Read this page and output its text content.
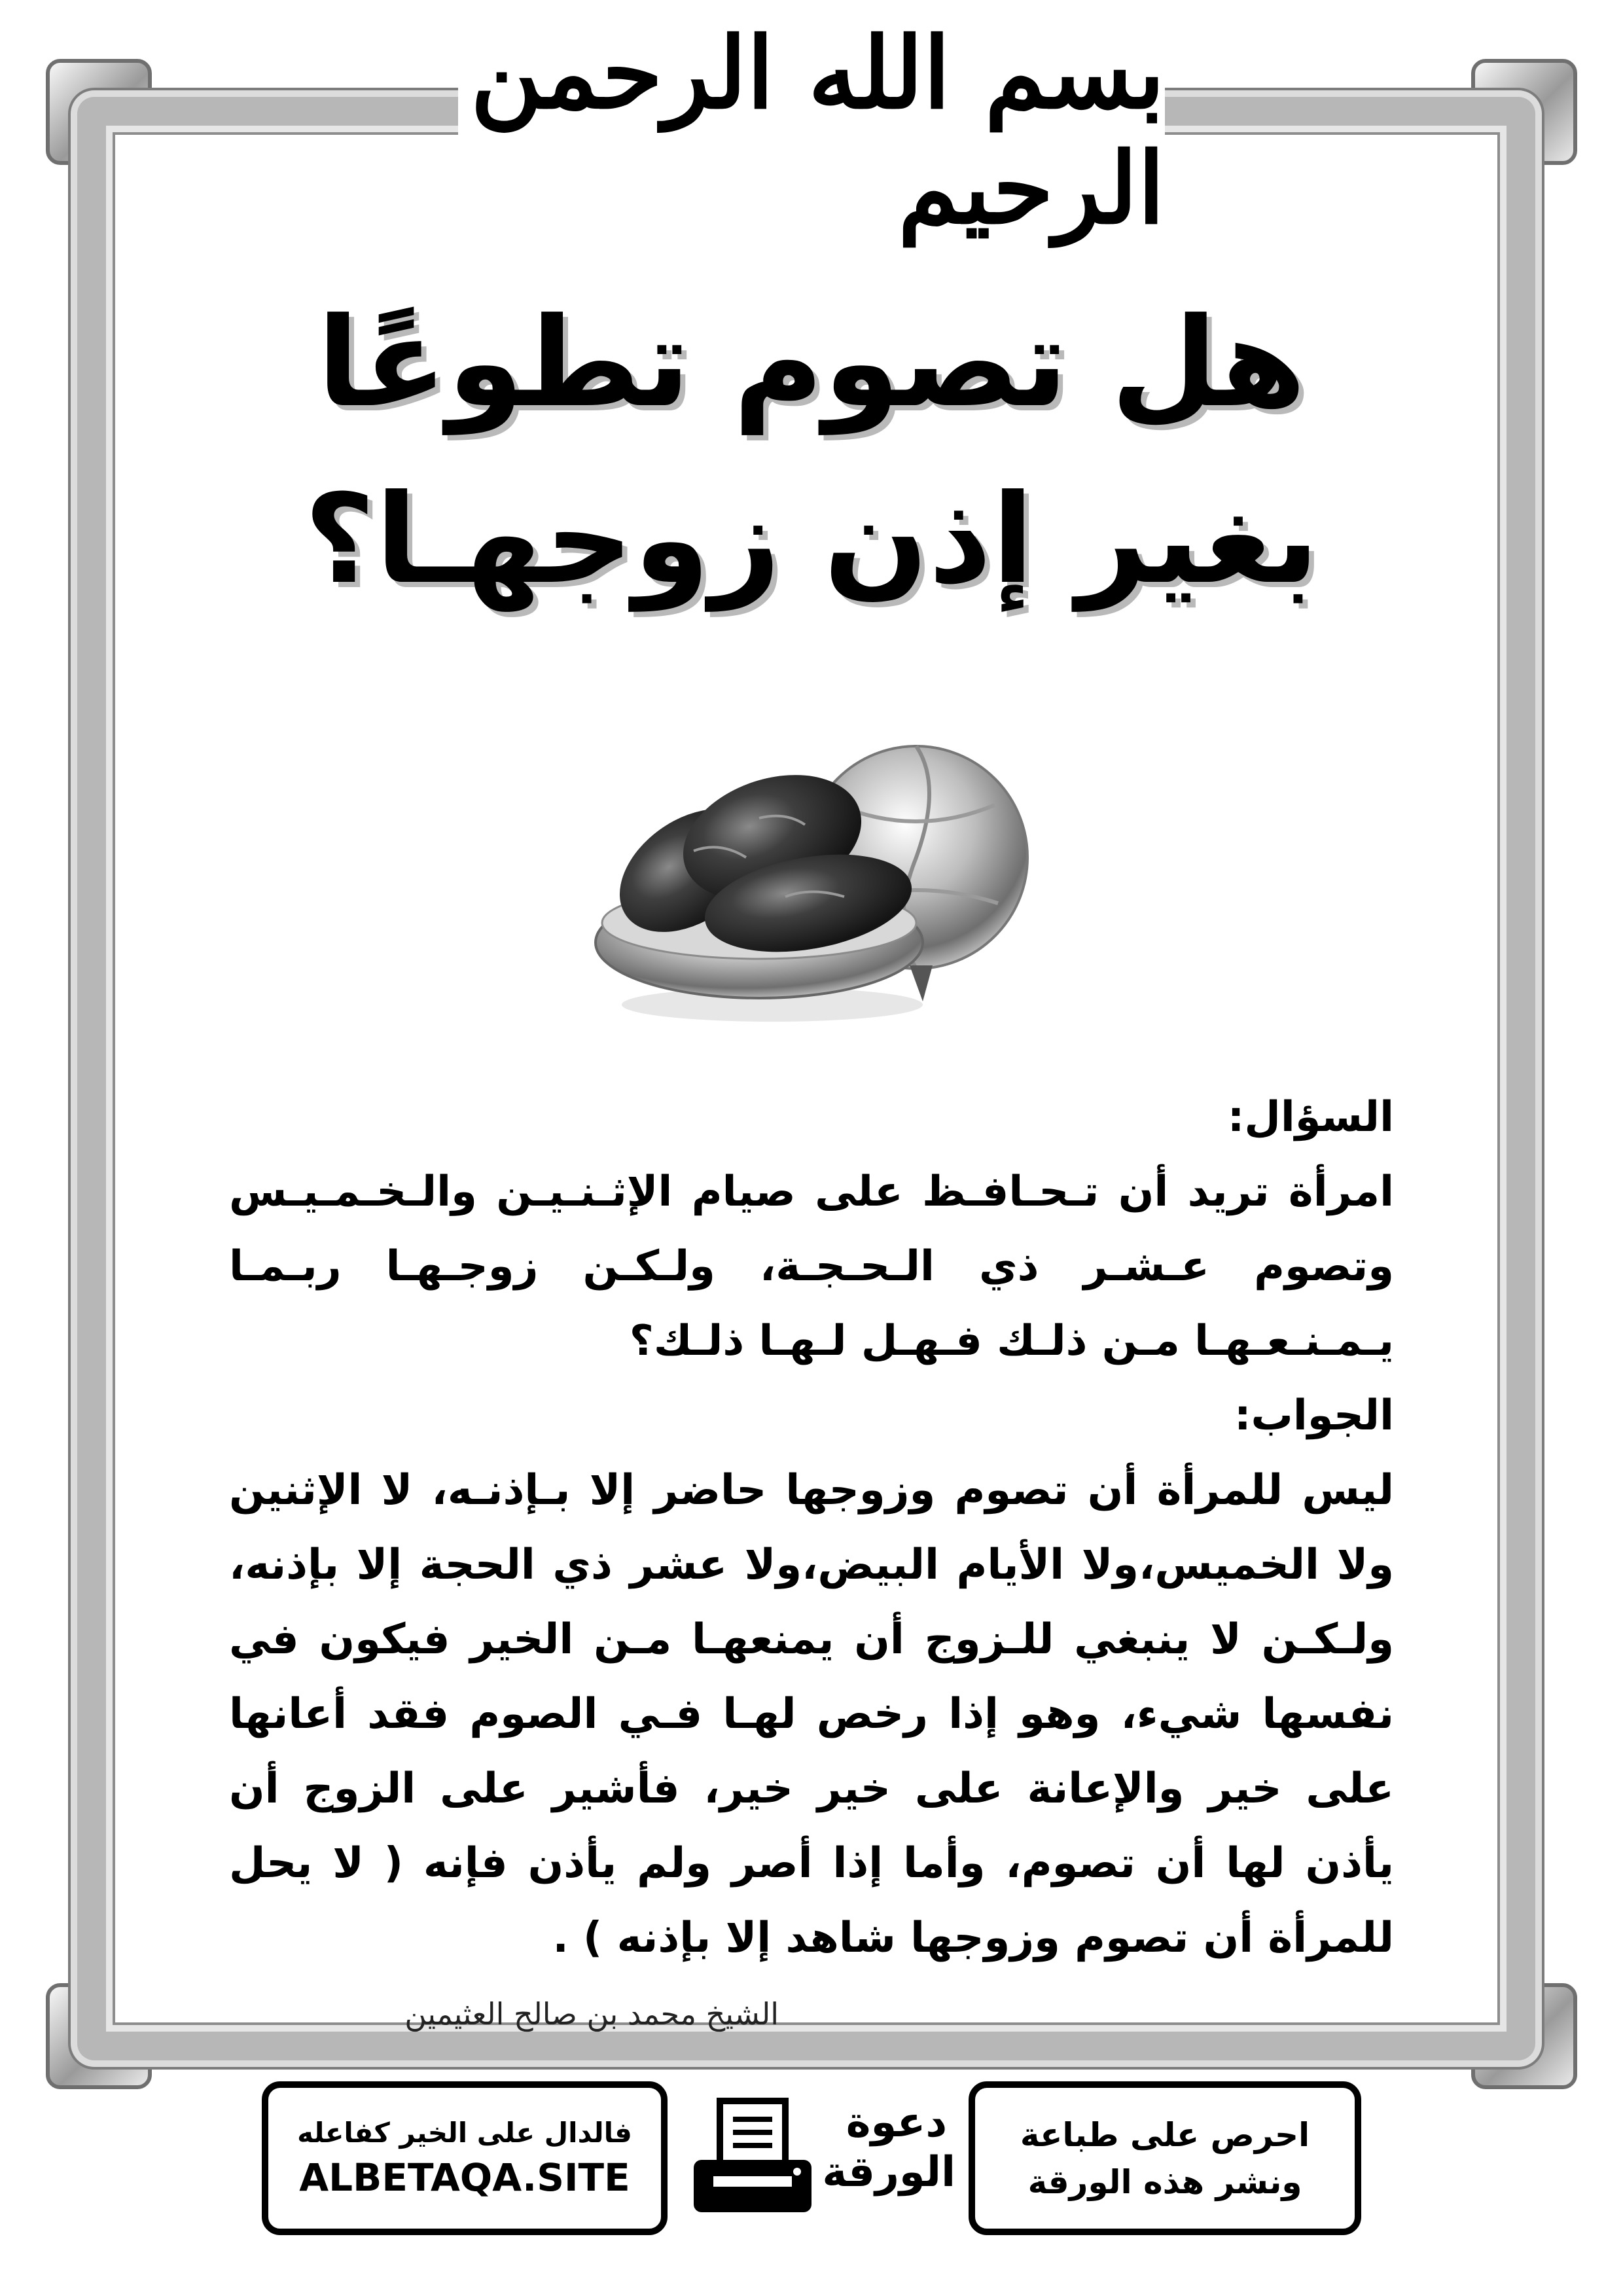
بسم الله الرحمن الرحيم
هل تصوم تطوعًا
بغير إذن زوجهـا؟
السؤال:

امرأة تريد أن تـحـافـظ على صيام الإثـنـيـن والـخـمـيـس وتصوم عـشـر ذي الـحـجـة، ولـكـن زوجـهـا ربـمـا يـمـنـعـهـا مـن ذلـك فـهـل لـهـا ذلـك؟

الجواب:

ليس للمرأة أن تصوم وزوجها حاضر إلا بـإذنـه، لا الإثنين ولا الخميس،ولا الأيام البيض،ولا عشر ذي الحجة إلا بإذنه، ولـكـن لا ينبغي للـزوج أن يمنعهـا مـن الخير فيكون في نفسها شيء، وهو إذا رخص لهـا فـي الصوم فقد أعانها على خير والإعانة على خير خير، فأشير على الزوج أن يأذن لها أن تصوم، وأما إذا أصر ولم يأذن فإنه ( لا يحل للمرأة أن تصوم وزوجها شاهد إلا بإذنه ) .

الشيخ محمد بن صالح العثيمين
فالدال على الخير كفاعله
ALBETAQA.SITE
دعوة
الورقة
احرص على طباعة
ونشر هذه الورقة
